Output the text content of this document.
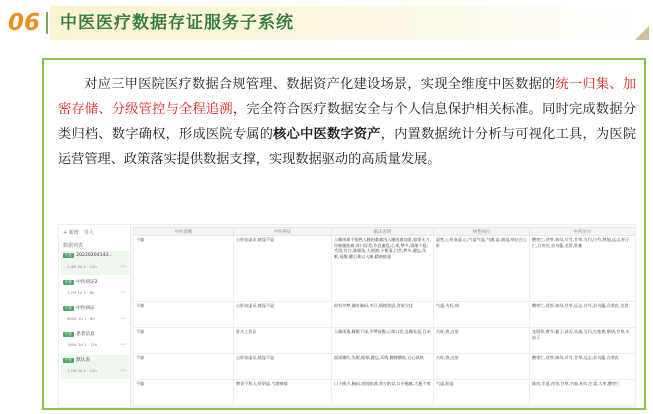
06 中医医疗数据存证服务子系统

对应三甲医院医疗数据合规管理、数据资产化建设场景，实现全维度中医数据的统一归集、加密存储、分级管控与全程追溯，完全符合医疗数据安全与个人信息保护相关标准。同时完成数据分类归档、数字确权，形成医院专属的核心中医数字资产，内置数据统计分析与可视化工具，为医院运营管理、政策落实提供数据支撑，实现数据驱动的高质量发展。

+ 新增 导入
数据列表
中医 20220204143...
1.4M 2d 1 · 12h	⋯
中医 中医病证2
1.2M 1d 1 · 8h	⋯
中医 中医病证
980K 1d 1 · 8h	⋯
中医 患者信息
760K 1d 1 · 12h	⋯
中医 默认表
1.1M 2d 1 · 12h	⋯
中医诊断	中医辨证	临床表现	病性病位	中药处方
不寐	心肝血虚证,痰湿不显	入睡困难不能熟入睡困难减浅入睡困难加重,如重无力,经脉腹胀痛,胃口好差,作息紊乱,心烦,梦多,情绪不稳,舌淡,苔白,脉细弦,大便溏,小便清,口苦,梦多,健忘,失眠,易醒,醒后难以入睡,精神疲惫	虚性,心肝血虚,心,气虚气虚,气随,虚,痰湿,病位在心肝	酸枣仁,茯苓,知母,川芎,甘草,当归,白芍,熟地,远志,柏子仁,合欢皮,首乌藤,龙骨,牡蛎
不寐	心肝血虚证,痰湿不显	时有多梦,偶有胸闷,多汗,情绪焦虑,食欲欠佳	气虚,火旺,病	酸枣仁,茯苓,知母,甘草,远志,白芍,首乌藤,合欢皮,龙骨
不寐	肝火上扰证	入睡困难,睡眠不深,多梦易醒,心烦口苦,急躁易怒,目赤	火旺,热,在肝	龙胆草,黄芩,栀子,泽泻,木通,当归,生地黄,柴胡,甘草,车前子
不寐	心肝血虚证,痰湿不显	面部潮红,失眠,眩晕,健忘,耳鸣,腰膝酸软,五心烦热	火旺,热,在肝	酸枣仁,茯苓,知母,川芎,甘草,远志,首乌藤,合欢皮
不寐	脾胃不和,心肝阴虚,气滞痰郁	口干痰少,胸闷,胃脘胀满,食少纳呆,口中黏腻,大便不爽	气虚,阴虚	陈皮,半夏,茯苓,甘草,竹茹,枳实,生姜,大枣,酸枣仁
